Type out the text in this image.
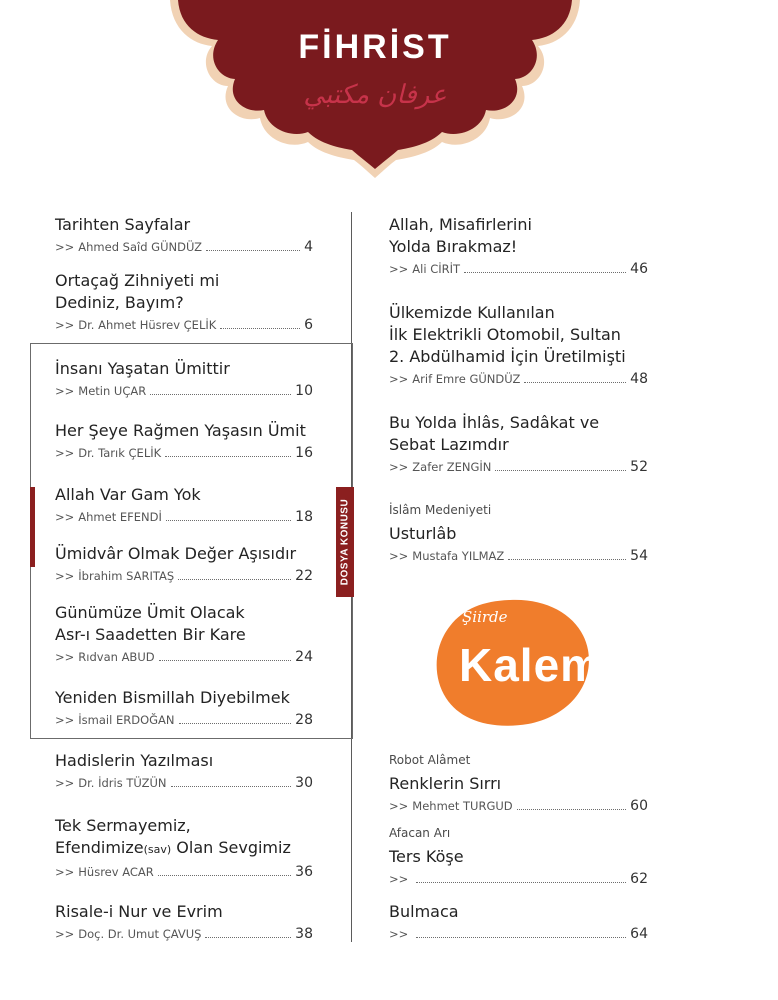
FİHRİST
عرفان مكتبي
DOSYA KONUSU
Tarihten Sayfalar
>> Ahmed Saîd GÜNDÜZ	4
Ortaçağ Zihniyeti mi
Dediniz, Bayım?
>> Dr. Ahmet Hüsrev ÇELİK	6
İnsanı Yaşatan Ümittir
>> Metin UÇAR	10
Her Şeye Rağmen Yaşasın Ümit
>> Dr. Tarık ÇELİK	16
Allah Var Gam Yok
>> Ahmet EFENDİ	18
Ümidvâr Olmak Değer Aşısıdır
>> İbrahim SARITAŞ	22
Günümüze Ümit Olacak
Asr-ı Saadetten Bir Kare
>> Rıdvan ABUD	24
Yeniden Bismillah Diyebilmek
>> İsmail ERDOĞAN	28
Hadislerin Yazılması
>> Dr. İdris TÜZÜN	30
Tek Sermayemiz,
Efendimize(sav) Olan Sevgimiz
>> Hüsrev ACAR	36
Risale-i Nur ve Evrim
>> Doç. Dr. Umut ÇAVUŞ	38
Allah, Misafirlerini
Yolda Bırakmaz!
>> Ali CİRİT	46
Ülkemizde Kullanılan
İlk Elektrikli Otomobil, Sultan
2. Abdülhamid İçin Üretilmişti
>> Arif Emre GÜNDÜZ	48
Bu Yolda İhlâs, Sadâkat ve
Sebat Lazımdır
>> Zafer ZENGİN	52
İslâm Medeniyeti
Usturlâb
>> Mustafa YILMAZ	54
Şiirde
Kalem
Robot Alâmet
Renklerin Sırrı
>> Mehmet TURGUD	60
Afacan Arı
Ters Köşe
>>	62
Bulmaca
>>	64
